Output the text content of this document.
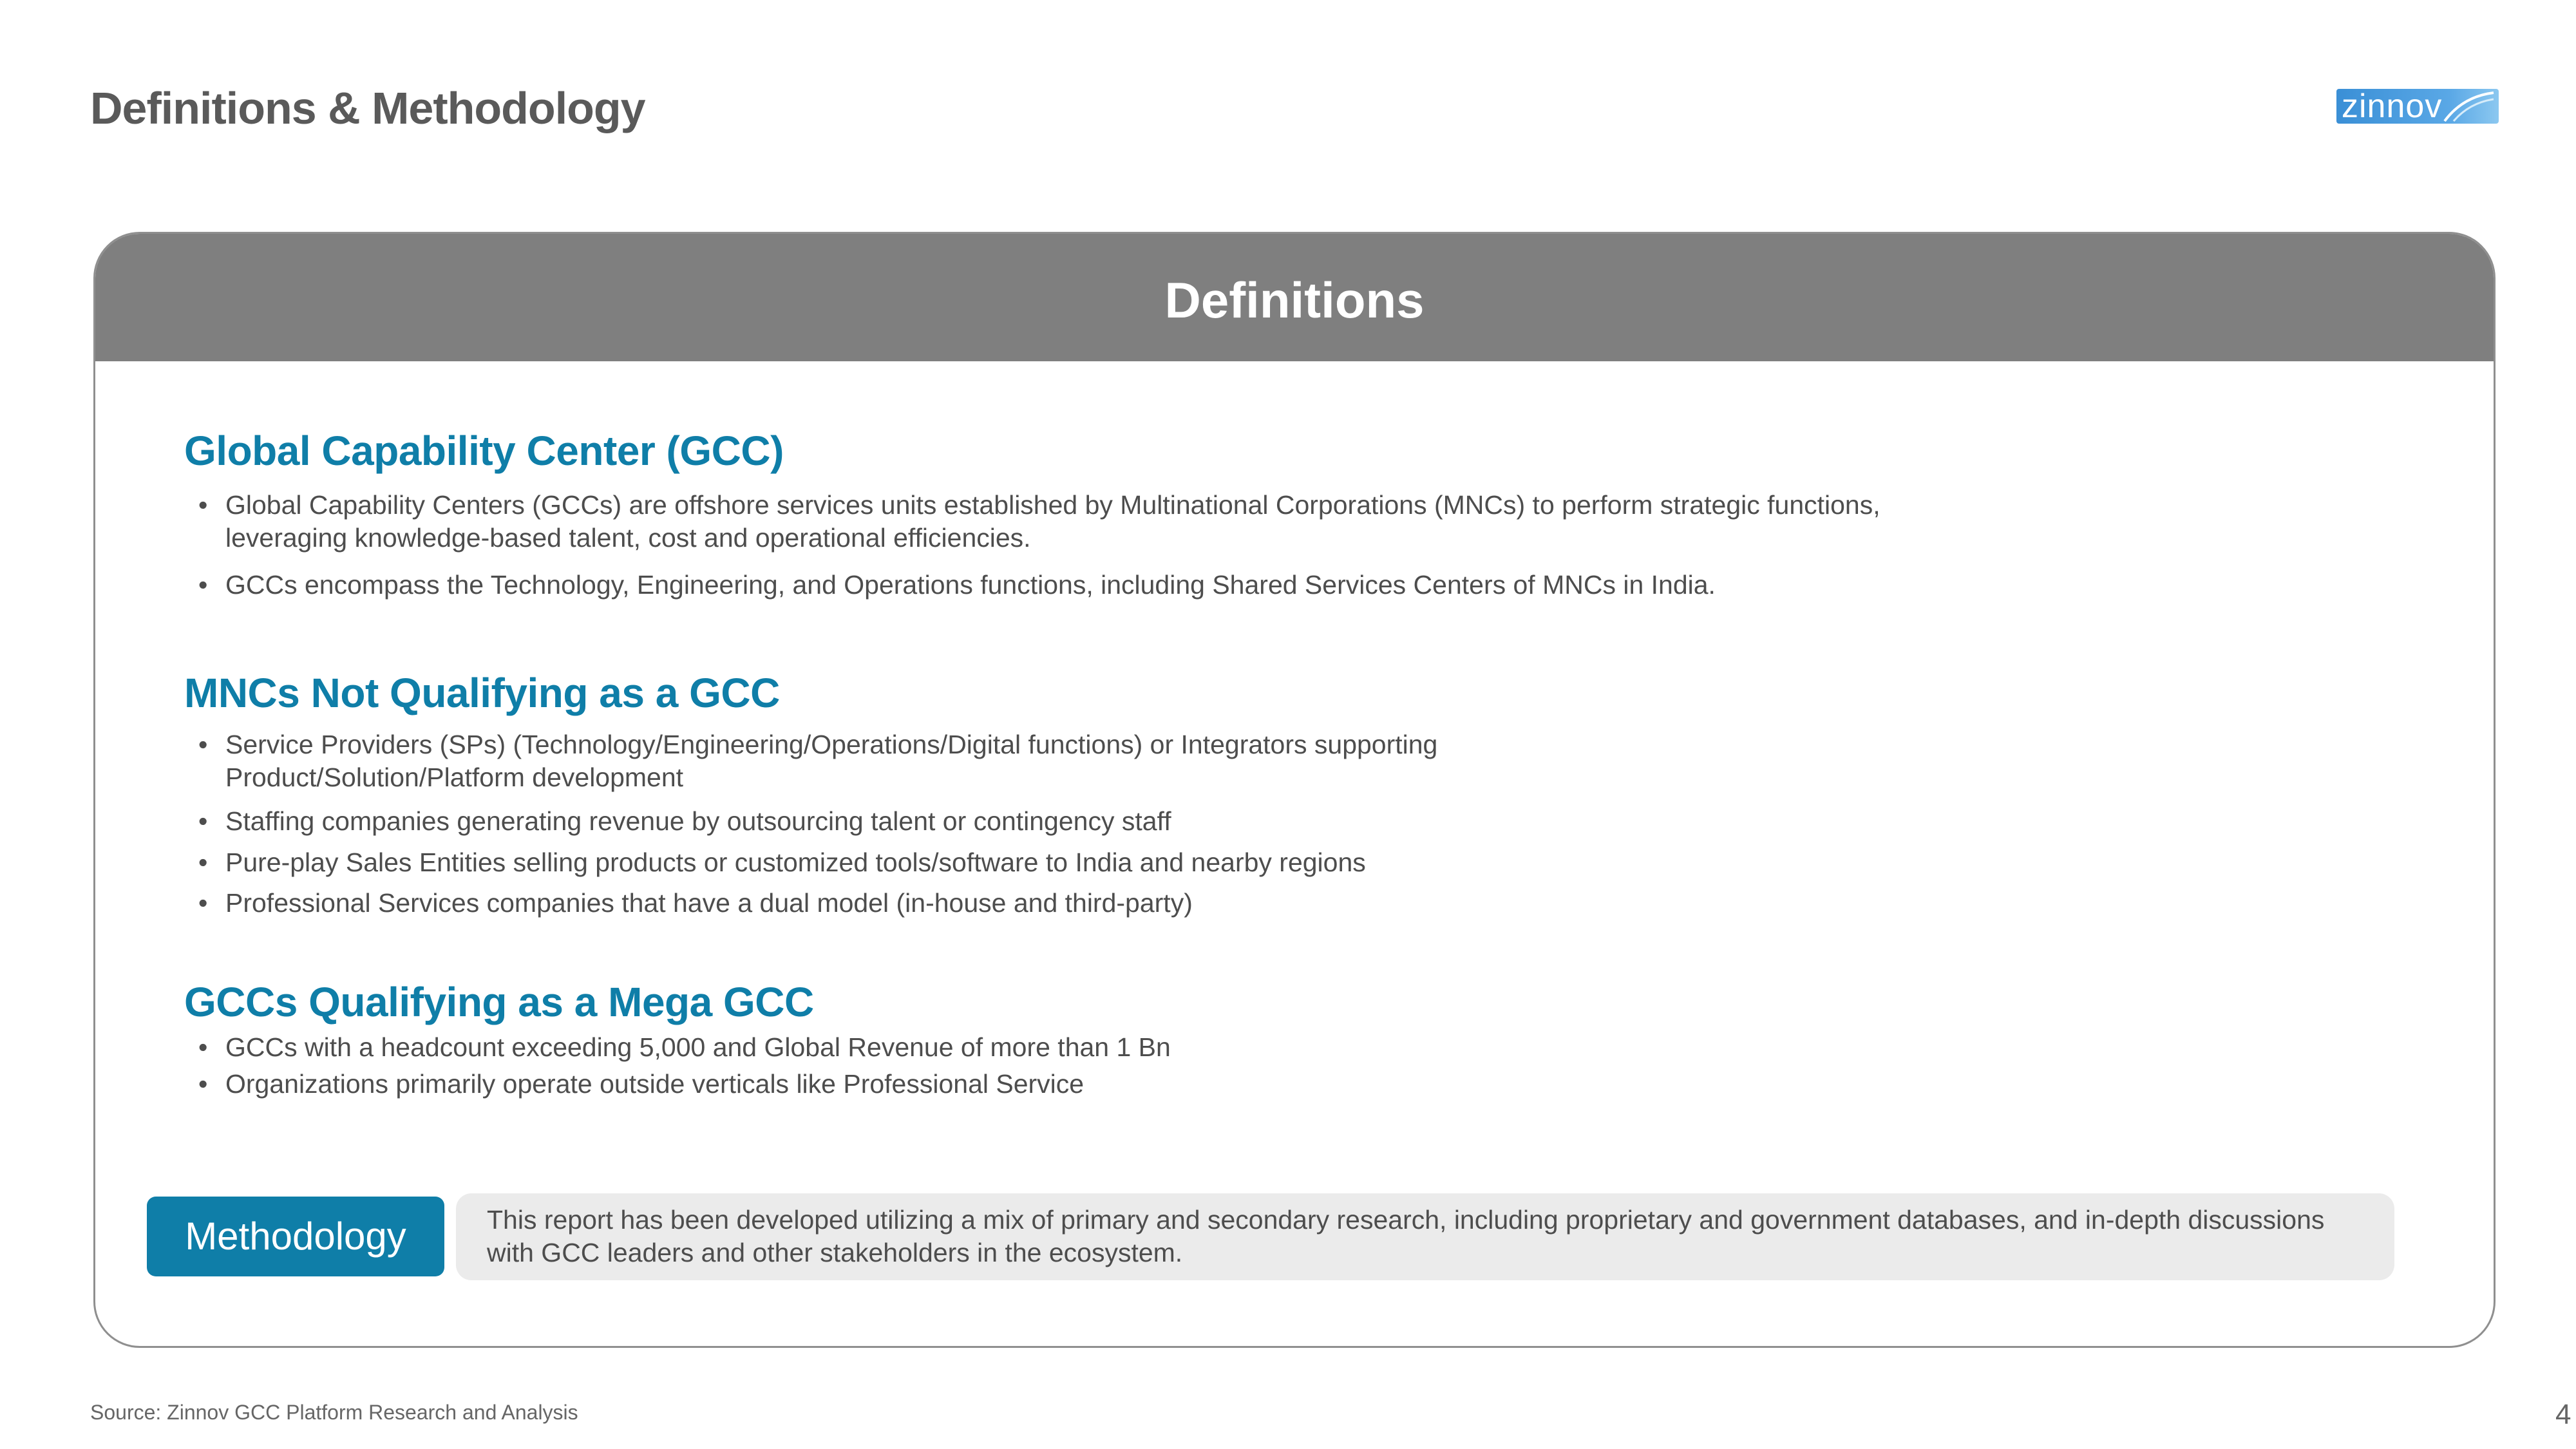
Definitions & Methodology	zinnov
Definitions
Global Capability Center (GCC)
• Global Capability Centers (GCCs) are offshore services units established by Multinational Corporations (MNCs) to perform strategic functions, leveraging knowledge-based talent, cost and operational efficiencies.
• GCCs encompass the Technology, Engineering, and Operations functions, including Shared Services Centers of MNCs in India.
MNCs Not Qualifying as a GCC
• Service Providers (SPs) (Technology/Engineering/Operations/Digital functions) or Integrators supporting Product/Solution/Platform development
• Staffing companies generating revenue by outsourcing talent or contingency staff
• Pure-play Sales Entities selling products or customized tools/software to India and nearby regions
• Professional Services companies that have a dual model (in-house and third-party)
GCCs Qualifying as a Mega GCC
• GCCs with a headcount exceeding 5,000 and Global Revenue of more than 1 Bn
• Organizations primarily operate outside verticals like Professional Service
Methodology	This report has been developed utilizing a mix of primary and secondary research, including proprietary and government databases, and in-depth discussions with GCC leaders and other stakeholders in the ecosystem.
Source: Zinnov GCC Platform Research and Analysis	4
